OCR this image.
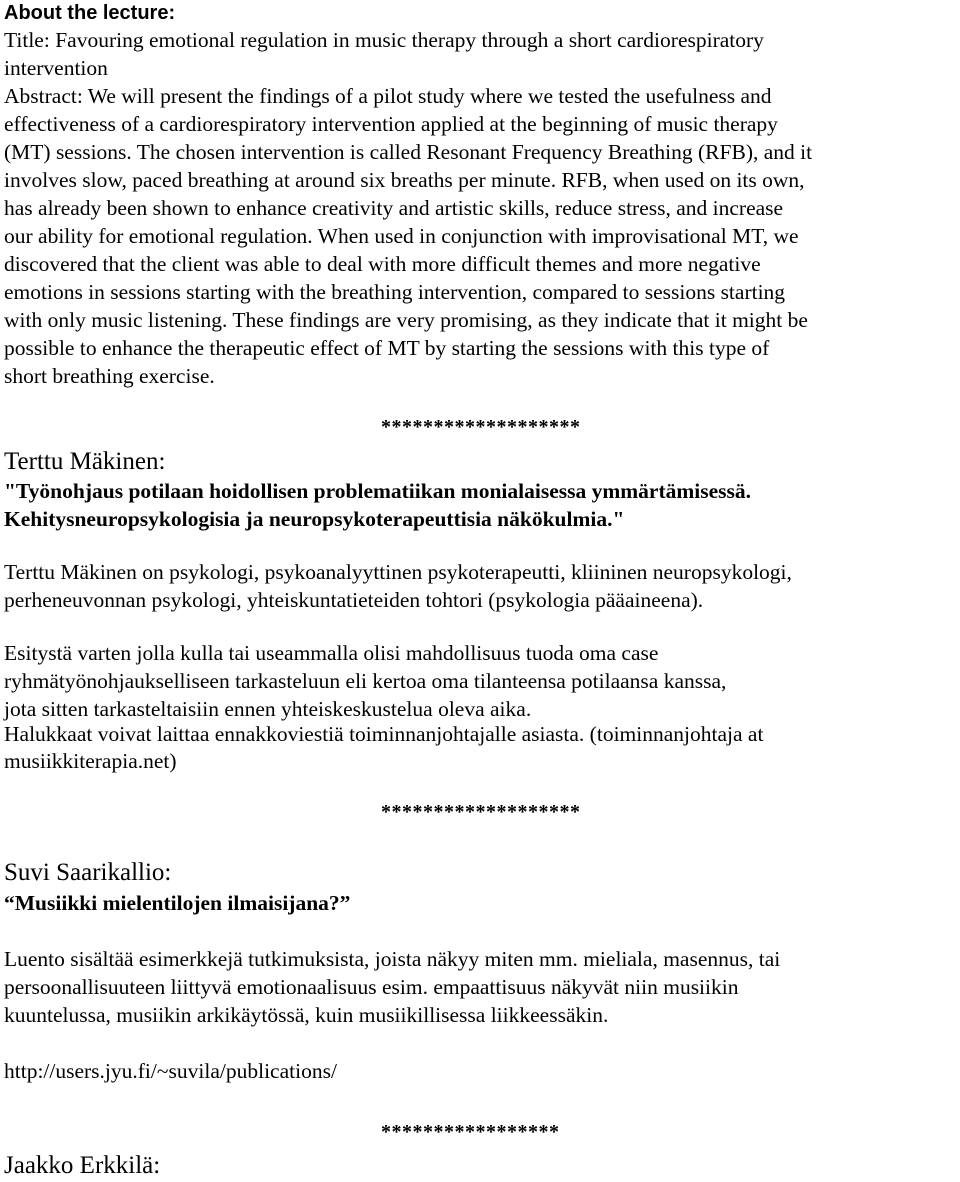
About the lecture:
Title: Favouring emotional regulation in music therapy through a short cardiorespiratory
intervention
Abstract: We will present the findings of a pilot study where we tested the usefulness and
effectiveness of a cardiorespiratory intervention applied at the beginning of music therapy
(MT) sessions. The chosen intervention is called Resonant Frequency Breathing (RFB), and it
involves slow, paced breathing at around six breaths per minute. RFB, when used on its own,
has already been shown to enhance creativity and artistic skills, reduce stress, and increase
our ability for emotional regulation. When used in conjunction with improvisational MT, we
discovered that the client was able to deal with more difficult themes and more negative
emotions in sessions starting with the breathing intervention, compared to sessions starting
with only music listening. These findings are very promising, as they indicate that it might be
possible to enhance the therapeutic effect of MT by starting the sessions with this type of
short breathing exercise.
*******************
Terttu Mäkinen:
"Työnohjaus potilaan hoidollisen problematiikan monialaisessa ymmärtämisessä.
Kehitysneuropsykologisia ja neuropsykoterapeuttisia näkökulmia."
Terttu Mäkinen on psykologi, psykoanalyyttinen psykoterapeutti, kliininen neuropsykologi,
perheneuvonnan psykologi, yhteiskuntatieteiden tohtori (psykologia pääaineena).
Esitystä varten jolla kulla tai useammalla olisi mahdollisuus tuoda oma case
ryhmätyönohjaukselliseen tarkasteluun eli kertoa oma tilanteensa potilaansa kanssa,
jota sitten tarkasteltaisiin ennen yhteiskeskustelua oleva aika.
Halukkaat voivat laittaa ennakkoviestiä toiminnanjohtajalle asiasta. (toiminnanjohtaja at
musiikkiterapia.net)
*******************
Suvi Saarikallio:
“Musiikki mielentilojen ilmaisijana?”
Luento sisältää esimerkkejä tutkimuksista, joista näkyy miten mm. mieliala, masennus, tai
persoonallisuuteen liittyvä emotionaalisuus esim. empaattisuus näkyvät niin musiikin
kuuntelussa, musiikin arkikäytössä, kuin musiikillisessa liikkeessäkin.
http://users.jyu.fi/~suvila/publications/
*****************
Jaakko Erkkilä:
